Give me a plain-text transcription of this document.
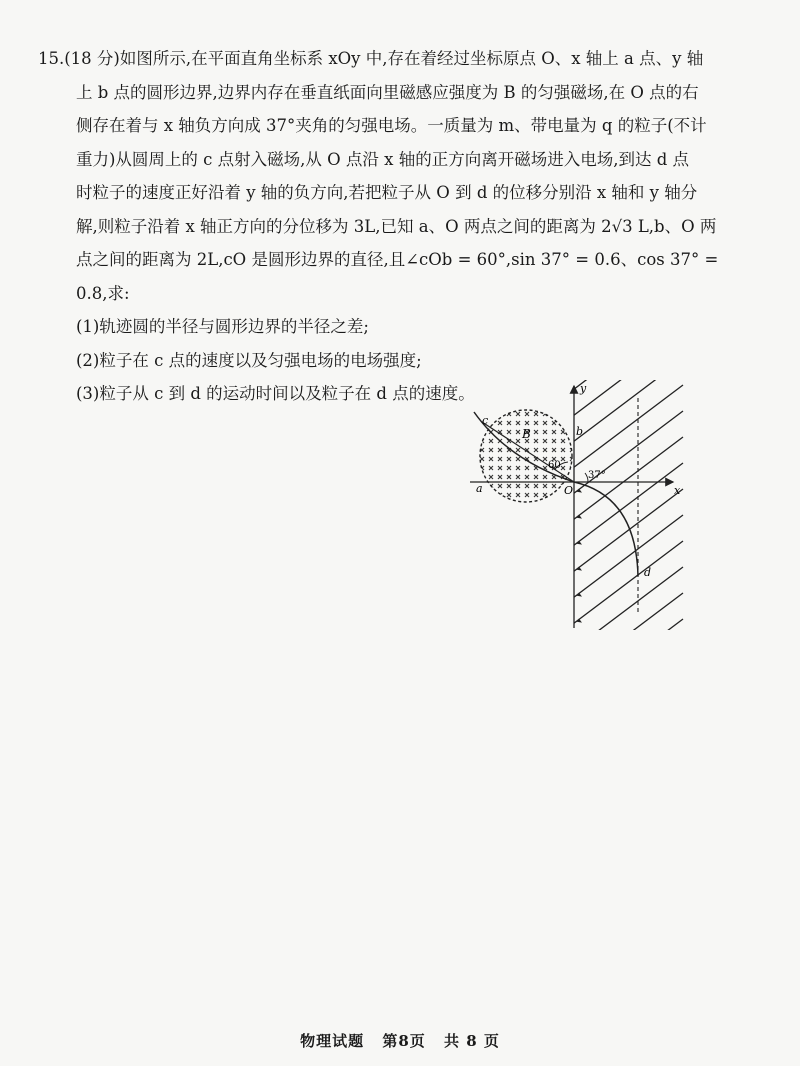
15.(18 分)如图所示,在平面直角坐标系 xOy 中,存在着经过坐标原点 O、x 轴上 a 点、y 轴
上 b 点的圆形边界,边界内存在垂直纸面向里磁感应强度为 B 的匀强磁场,在 O 点的右
侧存在着与 x 轴负方向成 37°夹角的匀强电场。一质量为 m、带电量为 q 的粒子(不计
重力)从圆周上的 c 点射入磁场,从 O 点沿 x 轴的正方向离开磁场进入电场,到达 d 点
时粒子的速度正好沿着 y 轴的负方向,若把粒子从 O 到 d 的位移分别沿 x 轴和 y 轴分
解,则粒子沿着 x 轴正方向的分位移为 3L,已知 a、O 两点之间的距离为 2√3 L,b、O 两
点之间的距离为 2L,cO 是圆形边界的直径,且∠cOb = 60°,sin 37° = 0.6、cos 37° =
0.8,求:
(1)轨迹圆的半径与圆形边界的半径之差;
(2)粒子在 c 点的速度以及匀强电场的电场强度;
(3)粒子从 c 到 d 的运动时间以及粒子在 d 点的速度。	y
x
O
a
b
c
d
B
60
37°
物理试题 第8页 共 8 页
